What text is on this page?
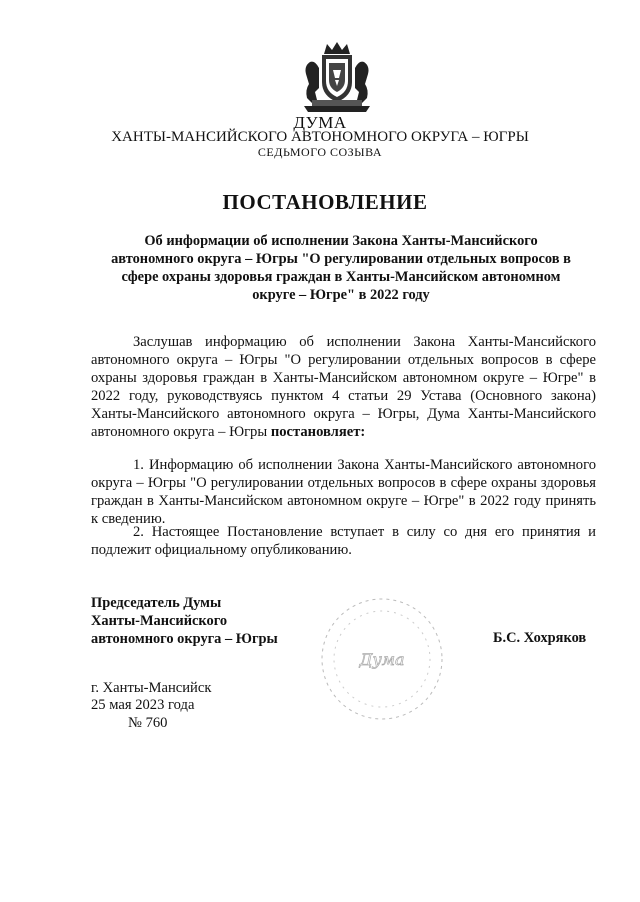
ДУМА
ХАНТЫ-МАНСИЙСКОГО АВТОНОМНОГО ОКРУГА – ЮГРЫ
СЕДЬМОГО СОЗЫВА
ПОСТАНОВЛЕНИЕ
Об информации об исполнении Закона Ханты-Мансийского автономного округа – Югры "О регулировании отдельных вопросов в сфере охраны здоровья граждан в Ханты-Мансийском автономном округе – Югре" в 2022 году
Заслушав информацию об исполнении Закона Ханты-Мансийского автономного округа – Югры "О регулировании отдельных вопросов в сфере охраны здоровья граждан в Ханты-Мансийском автономном округе – Югре" в 2022 году, руководствуясь пунктом 4 статьи 29 Устава (Основного закона) Ханты-Мансийского автономного округа – Югры, Дума Ханты-Мансийского автономного округа – Югры постановляет:
1. Информацию об исполнении Закона Ханты-Мансийского автономного округа – Югры "О регулировании отдельных вопросов в сфере охраны здоровья граждан в Ханты-Мансийском автономном округе – Югре" в 2022 году принять к сведению.
2. Настоящее Постановление вступает в силу со дня его принятия и подлежит официальному опубликованию.
Председатель Думы
Ханты-Мансийского
автономного округа – Югры
Дума
Б.С. Хохряков
г. Ханты-Мансийск
25 мая 2023 года
№ 760
